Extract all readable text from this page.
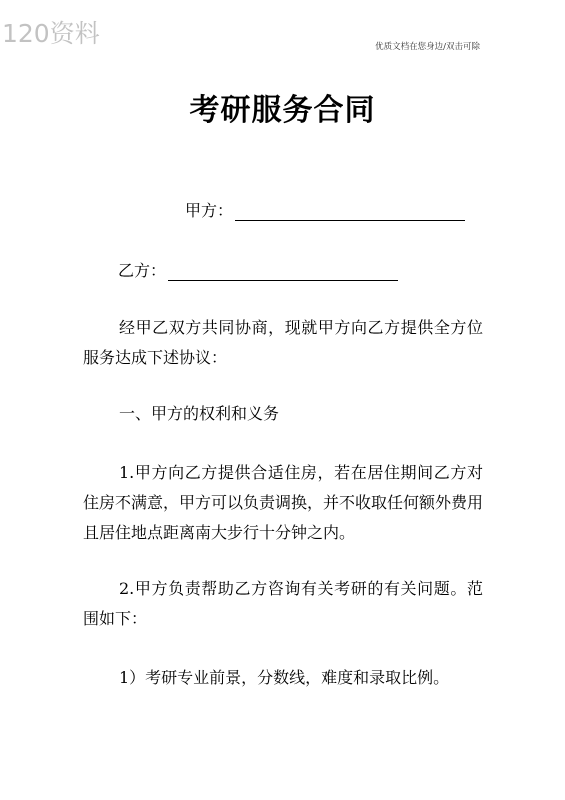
120资料	优质文档在您身边/双击可除
考研服务合同
甲方：
乙方：

经甲乙双方共同协商，现就甲方向乙方提供全方位服务达成下述协议：

一、甲方的权利和义务

1.甲方向乙方提供合适住房，若在居住期间乙方对住房不满意，甲方可以负责调换，并不收取任何额外费用且居住地点距离南大步行十分钟之内。

2.甲方负责帮助乙方咨询有关考研的有关问题。范围如下：

1）考研专业前景，分数线，难度和录取比例。
